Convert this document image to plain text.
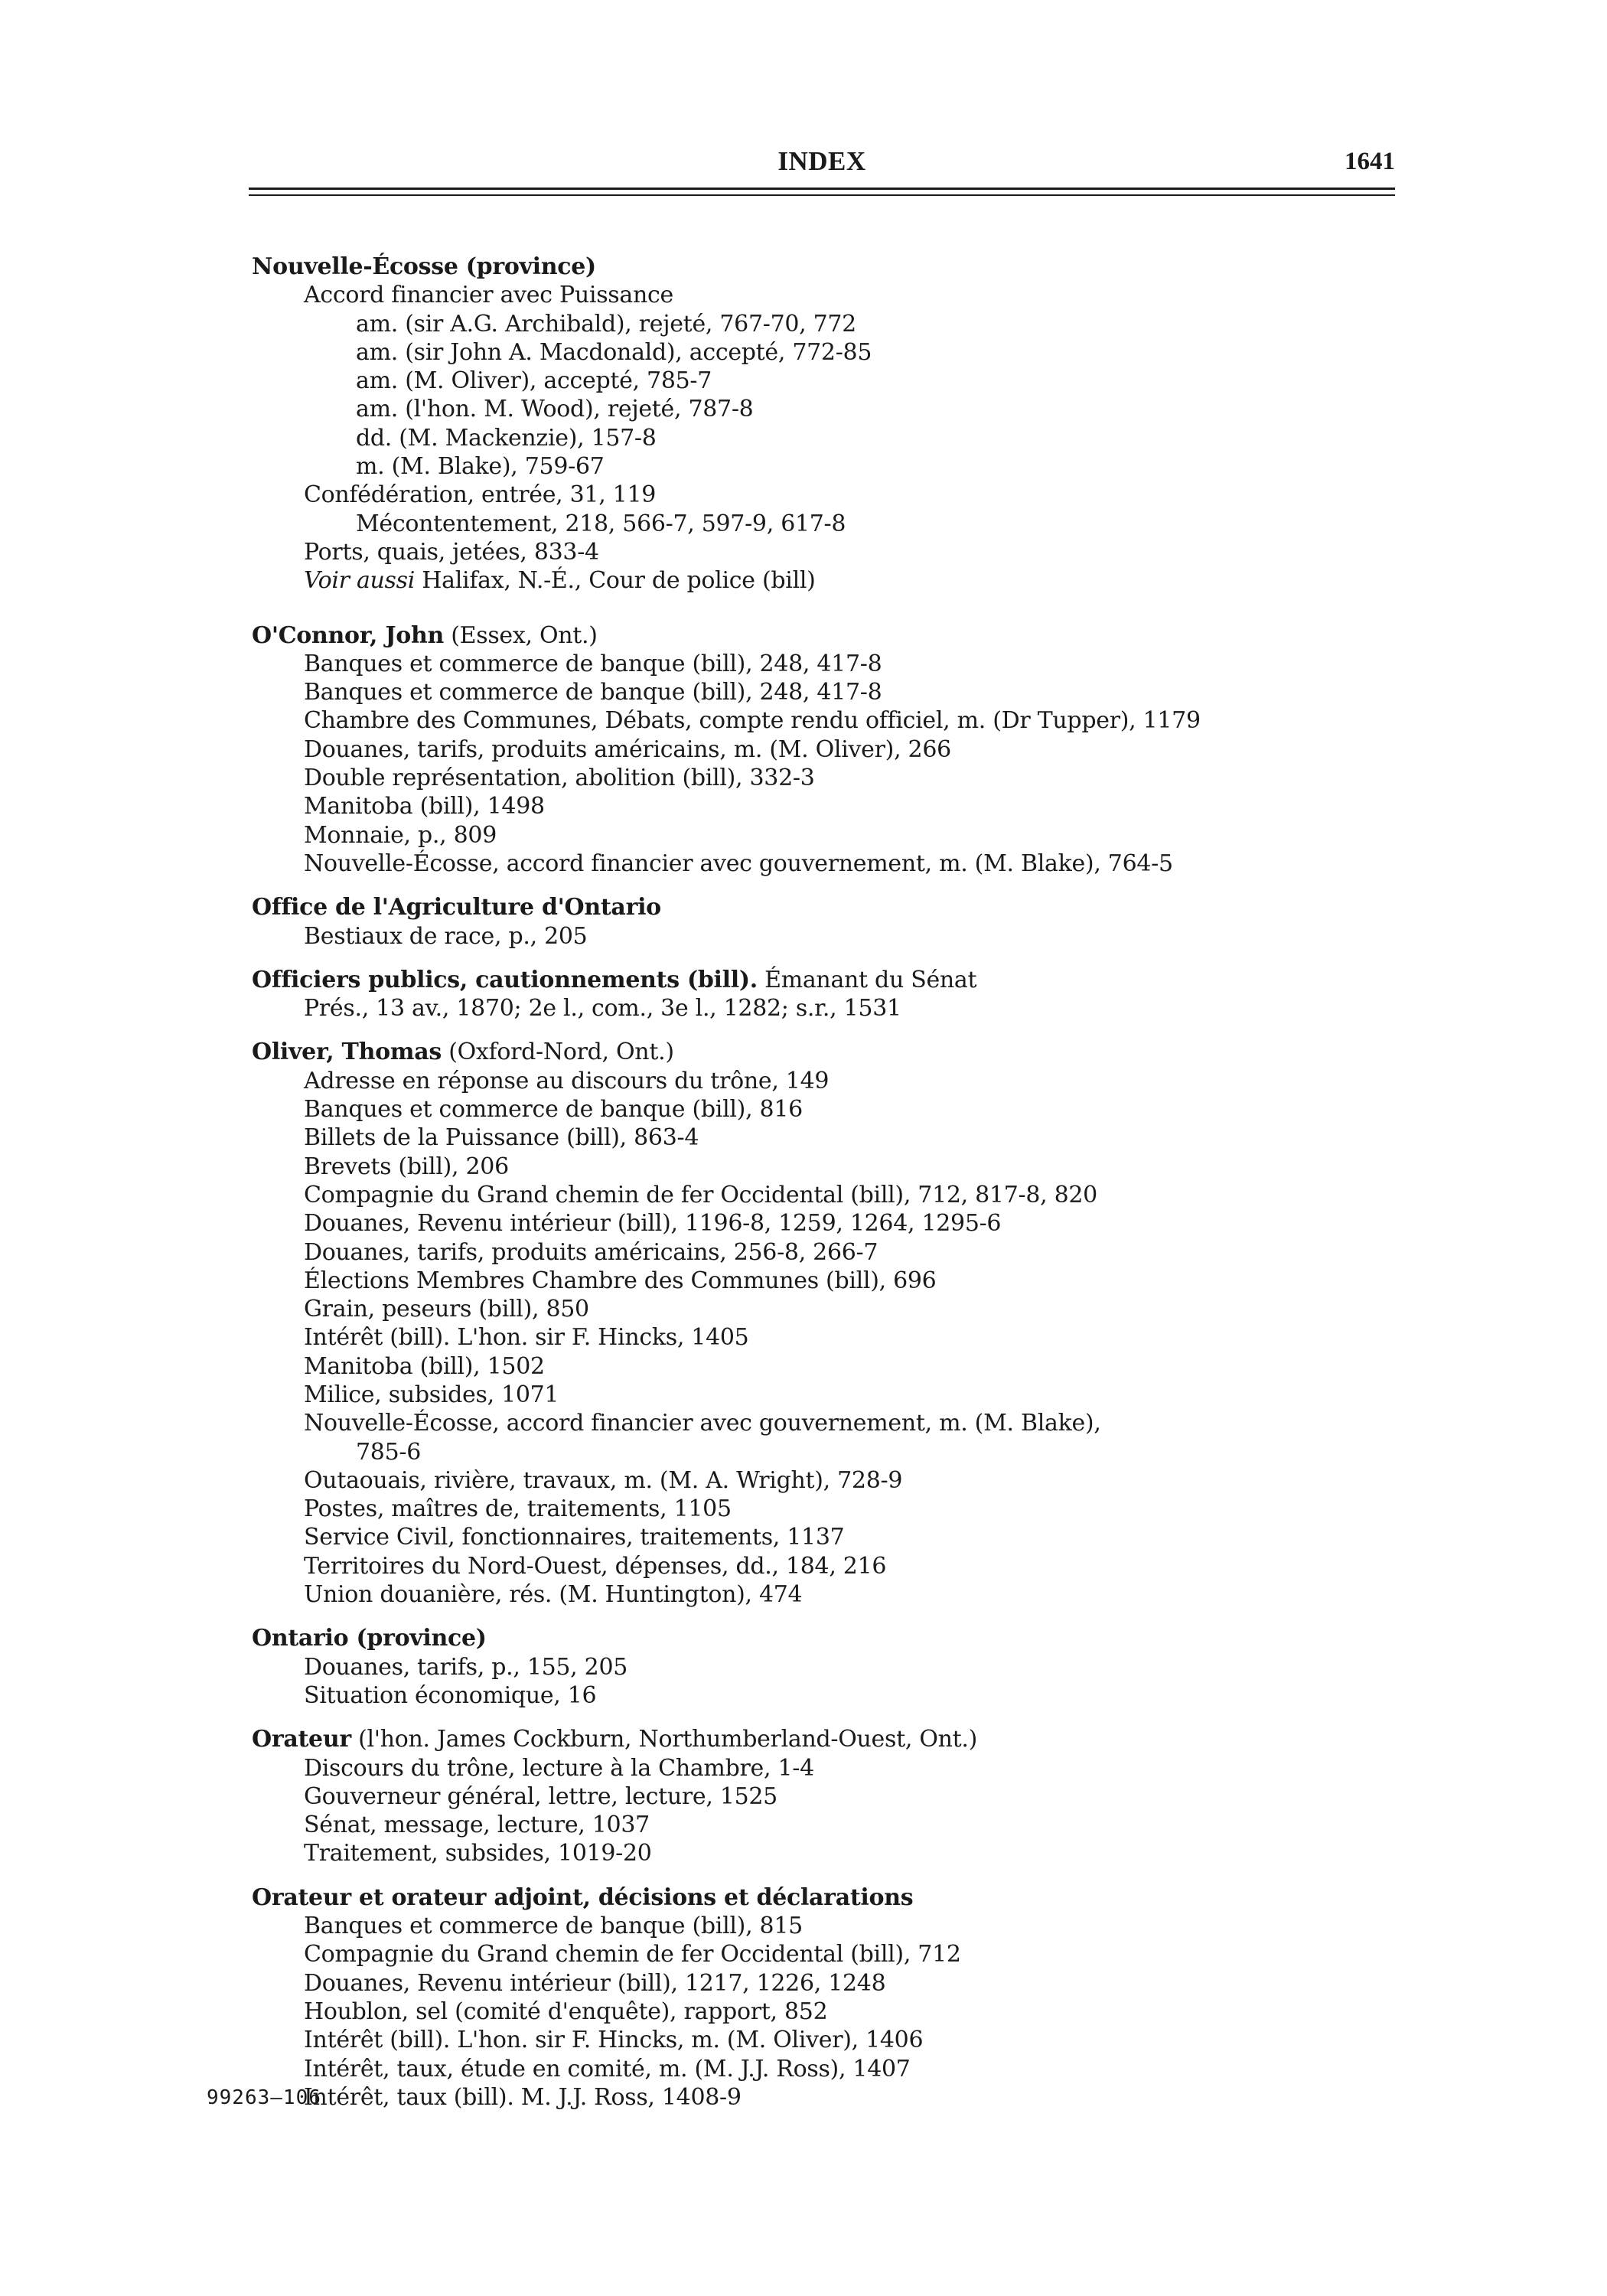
INDEX	1641
Nouvelle-Écosse (province)
Accord financier avec Puissance
am. (sir A.G. Archibald), rejeté, 767-70, 772
am. (sir John A. Macdonald), accepté, 772-85
am. (M. Oliver), accepté, 785-7
am. (l'hon. M. Wood), rejeté, 787-8
dd. (M. Mackenzie), 157-8
m. (M. Blake), 759-67
Confédération, entrée, 31, 119
Mécontentement, 218, 566-7, 597-9, 617-8
Ports, quais, jetées, 833-4
Voir aussi Halifax, N.-É., Cour de police (bill)
O'Connor, John (Essex, Ont.)
Banques et commerce de banque (bill), 248, 417-8
Banques et commerce de banque (bill), 248, 417-8
Chambre des Communes, Débats, compte rendu officiel, m. (Dr Tupper), 1179
Douanes, tarifs, produits américains, m. (M. Oliver), 266
Double représentation, abolition (bill), 332-3
Manitoba (bill), 1498
Monnaie, p., 809
Nouvelle-Écosse, accord financier avec gouvernement, m. (M. Blake), 764-5
Office de l'Agriculture d'Ontario
Bestiaux de race, p., 205
Officiers publics, cautionnements (bill). Émanant du Sénat
Prés., 13 av., 1870; 2e l., com., 3e l., 1282; s.r., 1531
Oliver, Thomas (Oxford-Nord, Ont.)
Adresse en réponse au discours du trône, 149
Banques et commerce de banque (bill), 816
Billets de la Puissance (bill), 863-4
Brevets (bill), 206
Compagnie du Grand chemin de fer Occidental (bill), 712, 817-8, 820
Douanes, Revenu intérieur (bill), 1196-8, 1259, 1264, 1295-6
Douanes, tarifs, produits américains, 256-8, 266-7
Élections Membres Chambre des Communes (bill), 696
Grain, peseurs (bill), 850
Intérêt (bill). L'hon. sir F. Hincks, 1405
Manitoba (bill), 1502
Milice, subsides, 1071
Nouvelle-Écosse, accord financier avec gouvernement, m. (M. Blake),
785-6
Outaouais, rivière, travaux, m. (M. A. Wright), 728-9
Postes, maîtres de, traitements, 1105
Service Civil, fonctionnaires, traitements, 1137
Territoires du Nord-Ouest, dépenses, dd., 184, 216
Union douanière, rés. (M. Huntington), 474
Ontario (province)
Douanes, tarifs, p., 155, 205
Situation économique, 16
Orateur (l'hon. James Cockburn, Northumberland-Ouest, Ont.)
Discours du trône, lecture à la Chambre, 1-4
Gouverneur général, lettre, lecture, 1525
Sénat, message, lecture, 1037
Traitement, subsides, 1019-20
Orateur et orateur adjoint, décisions et déclarations
Banques et commerce de banque (bill), 815
Compagnie du Grand chemin de fer Occidental (bill), 712
Douanes, Revenu intérieur (bill), 1217, 1226, 1248
Houblon, sel (comité d'enquête), rapport, 852
Intérêt (bill). L'hon. sir F. Hincks, m. (M. Oliver), 1406
Intérêt, taux, étude en comité, m. (M. J.J. Ross), 1407
Intérêt, taux (bill). M. J.J. Ross, 1408-9
99263—106
